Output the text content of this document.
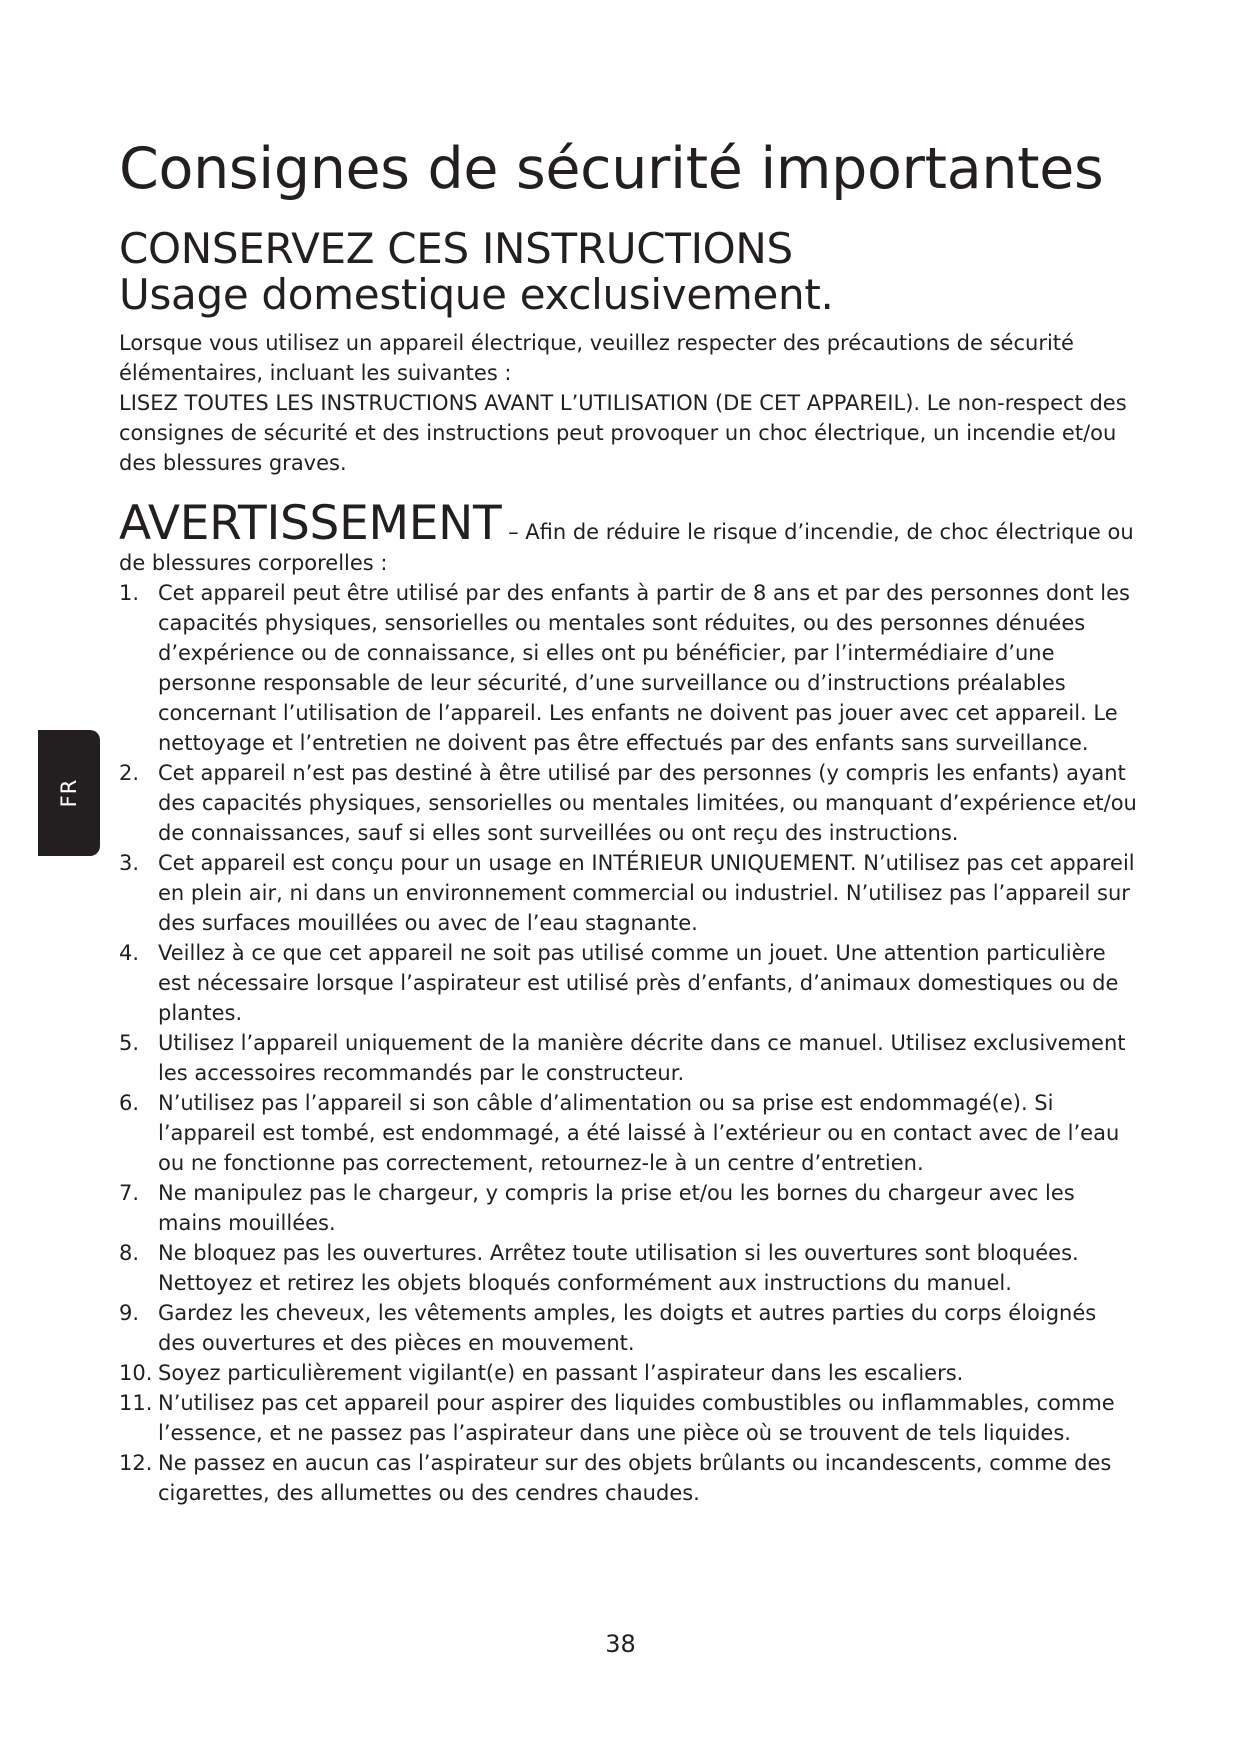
FR
Consignes de sécurité importantes
CONSERVEZ CES INSTRUCTIONS
Usage domestique exclusivement.

Lorsque vous utilisez un appareil électrique, veuillez respecter des précautions de sécurité élémentaires, incluant les suivantes :

LISEZ TOUTES LES INSTRUCTIONS AVANT L’UTILISATION (DE CET APPAREIL). Le non-respect des consignes de sécurité et des instructions peut provoquer un choc électrique, un incendie et/ou des blessures graves.

AVERTISSEMENT – Afin de réduire le risque d’incendie, de choc électrique ou de blessures corporelles :
1. Cet appareil peut être utilisé par des enfants à partir de 8 ans et par des personnes dont les capacités physiques, sensorielles ou mentales sont réduites, ou des personnes dénuées d’expérience ou de connaissance, si elles ont pu bénéficier, par l’intermédiaire d’une personne responsable de leur sécurité, d’une surveillance ou d’instructions préalables concernant l’utilisation de l’appareil. Les enfants ne doivent pas jouer avec cet appareil. Le nettoyage et l’entretien ne doivent pas être effectués par des enfants sans surveillance.
2. Cet appareil n’est pas destiné à être utilisé par des personnes (y compris les enfants) ayant des capacités physiques, sensorielles ou mentales limitées, ou manquant d’expérience et/ou de connaissances, sauf si elles sont surveillées ou ont reçu des instructions.
3. Cet appareil est conçu pour un usage en INTÉRIEUR UNIQUEMENT. N’utilisez pas cet appareil en plein air, ni dans un environnement commercial ou industriel. N’utilisez pas l’appareil sur des surfaces mouillées ou avec de l’eau stagnante.
4. Veillez à ce que cet appareil ne soit pas utilisé comme un jouet. Une attention particulière est nécessaire lorsque l’aspirateur est utilisé près d’enfants, d’animaux domestiques ou de plantes.
5. Utilisez l’appareil uniquement de la manière décrite dans ce manuel. Utilisez exclusivement les accessoires recommandés par le constructeur.
6. N’utilisez pas l’appareil si son câble d’alimentation ou sa prise est endommagé(e). Si l’appareil est tombé, est endommagé, a été laissé à l’extérieur ou en contact avec de l’eau ou ne fonctionne pas correctement, retournez-le à un centre d’entretien.
7. Ne manipulez pas le chargeur, y compris la prise et/ou les bornes du chargeur avec les mains mouillées.
8. Ne bloquez pas les ouvertures. Arrêtez toute utilisation si les ouvertures sont bloquées. Nettoyez et retirez les objets bloqués conformément aux instructions du manuel.
9. Gardez les cheveux, les vêtements amples, les doigts et autres parties du corps éloignés des ouvertures et des pièces en mouvement.
10. Soyez particulièrement vigilant(e) en passant l’aspirateur dans les escaliers.
11. N’utilisez pas cet appareil pour aspirer des liquides combustibles ou inflammables, comme l’essence, et ne passez pas l’aspirateur dans une pièce où se trouvent de tels liquides.
12. Ne passez en aucun cas l’aspirateur sur des objets brûlants ou incandescents, comme des cigarettes, des allumettes ou des cendres chaudes.
38
